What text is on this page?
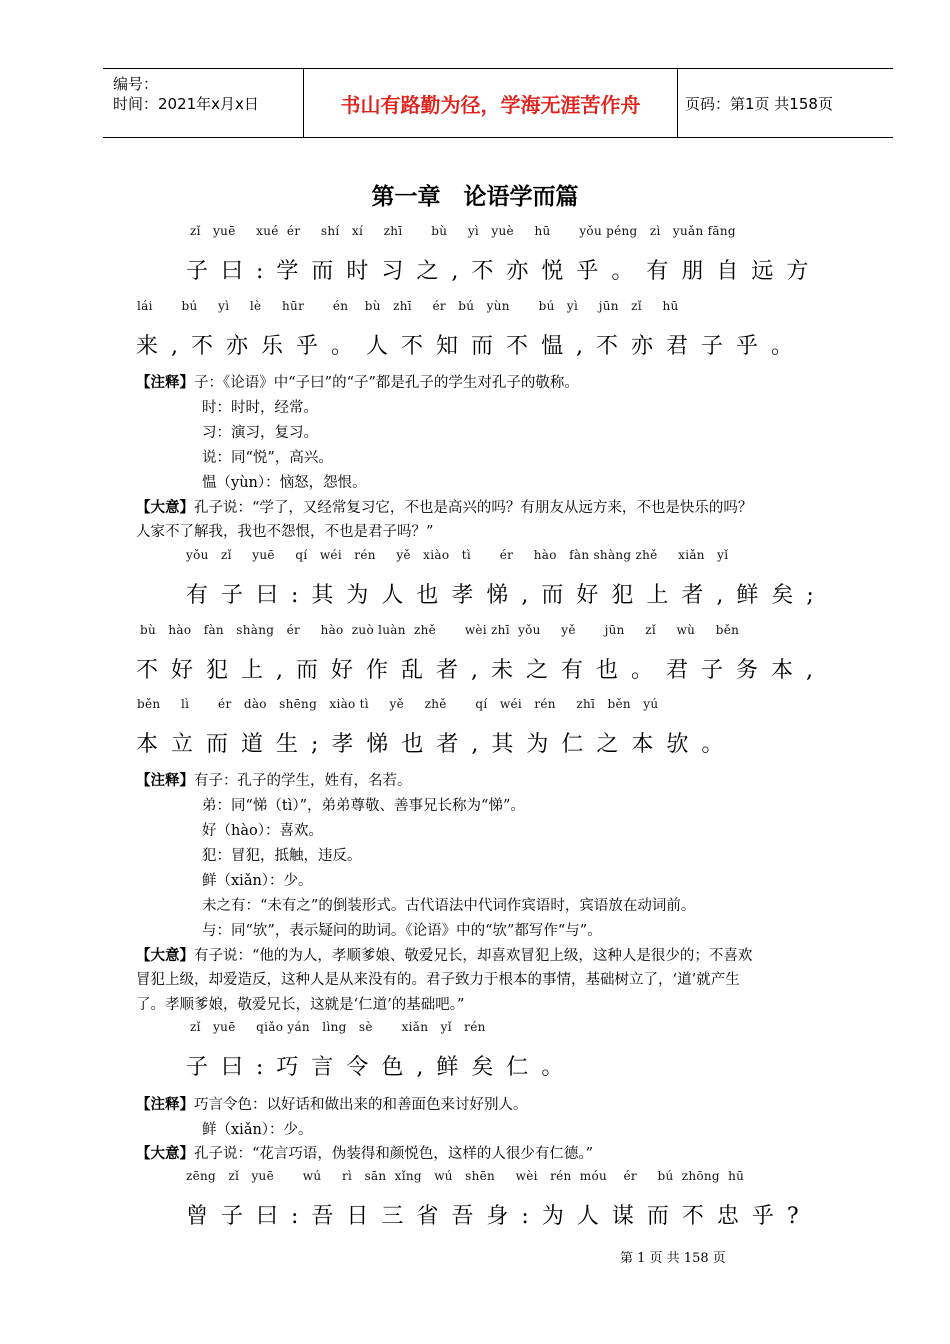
编号：
时间：2021年x月x日	书山有路勤为径，学海无涯苦作舟	页码：第1页 共158页
第一章　论语学而篇
zǐ   yuē     xué  ér     shí   xí     zhī       bù     yì   yuè     hū       yǒu péng   zì   yuǎn fāng
子曰:学而时习之,不亦悦乎。有朋自远方
lái       bú     yì     lè     hūr       én    bù   zhī     ér   bú   yùn       bú   yì     jūn   zǐ     hū
来,不亦乐乎。人不知而不愠,不亦君子乎。
【注释】子：《论语》中“子曰”的“子”都是孔子的学生对孔子的敬称。
时：时时，经常。
习：演习，复习。
说：同“悦”，高兴。
愠（yùn）：恼怒，怨恨。
【大意】孔子说：“学了，又经常复习它，不也是高兴的吗？有朋友从远方来，不也是快乐的吗？
人家不了解我，我也不怨恨，不也是君子吗？”
yǒu   zǐ     yuē     qí   wéi   rén     yě   xiào   tì       ér     hào   fàn shàng zhě     xiǎn   yǐ
有子曰:其为人也孝悌,而好犯上者,鲜矣;
bù   hào   fàn   shàng   ér     hào  zuò luàn  zhě       wèi zhī  yǒu     yě       jūn     zǐ     wù     běn
不好犯上,而好作乱者,未之有也。君子务本,
běn     lì       ér   dào   shēng   xiào tì     yě     zhě       qí   wéi   rén     zhī   běn   yú
本立而道生;孝悌也者,其为仁之本欤。
【注释】有子：孔子的学生，姓有，名若。
弟：同“悌（tì）”，弟弟尊敬、善事兄长称为“悌”。
好（hào）：喜欢。
犯：冒犯，抵触，违反。
鲜（xiǎn）：少。
未之有：“未有之”的倒装形式。古代语法中代词作宾语时，宾语放在动词前。
与：同“欤”，表示疑问的助词。《论语》中的“欤”都写作“与”。
【大意】有子说：“他的为人，孝顺爹娘、敬爱兄长，却喜欢冒犯上级，这种人是很少的；不喜欢
冒犯上级，却爱造反，这种人是从来没有的。君子致力于根本的事情，基础树立了，‘道’就产生
了。孝顺爹娘，敬爱兄长，这就是‘仁道’的基础吧。”
zǐ   yuē     qiǎo yán   lìng   sè       xiǎn   yǐ   rén
子曰:巧言令色,鲜矣仁。
【注释】巧言令色：以好话和做出来的和善面色来讨好别人。
鲜（xiǎn）：少。
【大意】孔子说：“花言巧语，伪装得和颜悦色，这样的人很少有仁德。”
zēng   zǐ   yuē       wú     rì   sān  xǐng   wú   shēn     wèi   rén  móu    ér     bú  zhōng  hū
曾子曰:吾日三省吾身:为人谋而不忠乎?
第 1 页 共 158 页
